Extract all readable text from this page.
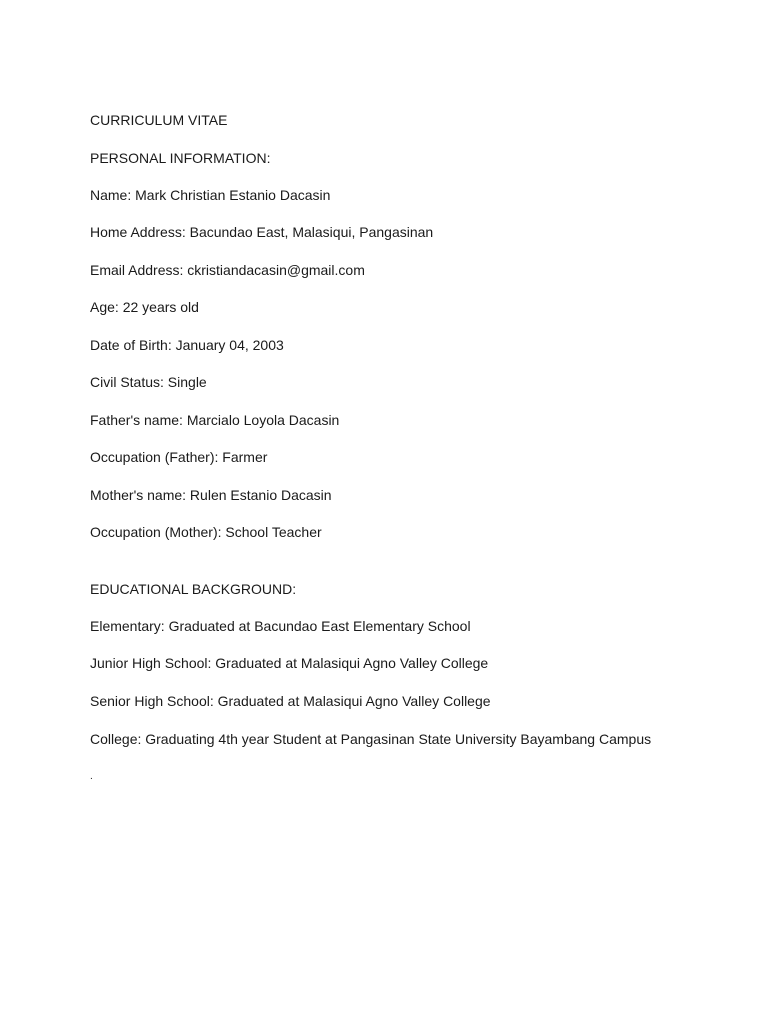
CURRICULUM VITAE
PERSONAL INFORMATION:
Name: Mark Christian Estanio Dacasin
Home Address: Bacundao East, Malasiqui, Pangasinan
Email Address: ckristiandacasin@gmail.com
Age: 22 years old
Date of Birth: January 04, 2003
Civil Status: Single
Father's name: Marcialo Loyola Dacasin
Occupation (Father): Farmer
Mother's name: Rulen Estanio Dacasin
Occupation (Mother): School Teacher
EDUCATIONAL BACKGROUND:
Elementary: Graduated at Bacundao East Elementary School
Junior High School: Graduated at Malasiqui Agno Valley College
Senior High School: Graduated at Malasiqui Agno Valley College
College: Graduating 4th year Student at Pangasinan State University Bayambang Campus
.
